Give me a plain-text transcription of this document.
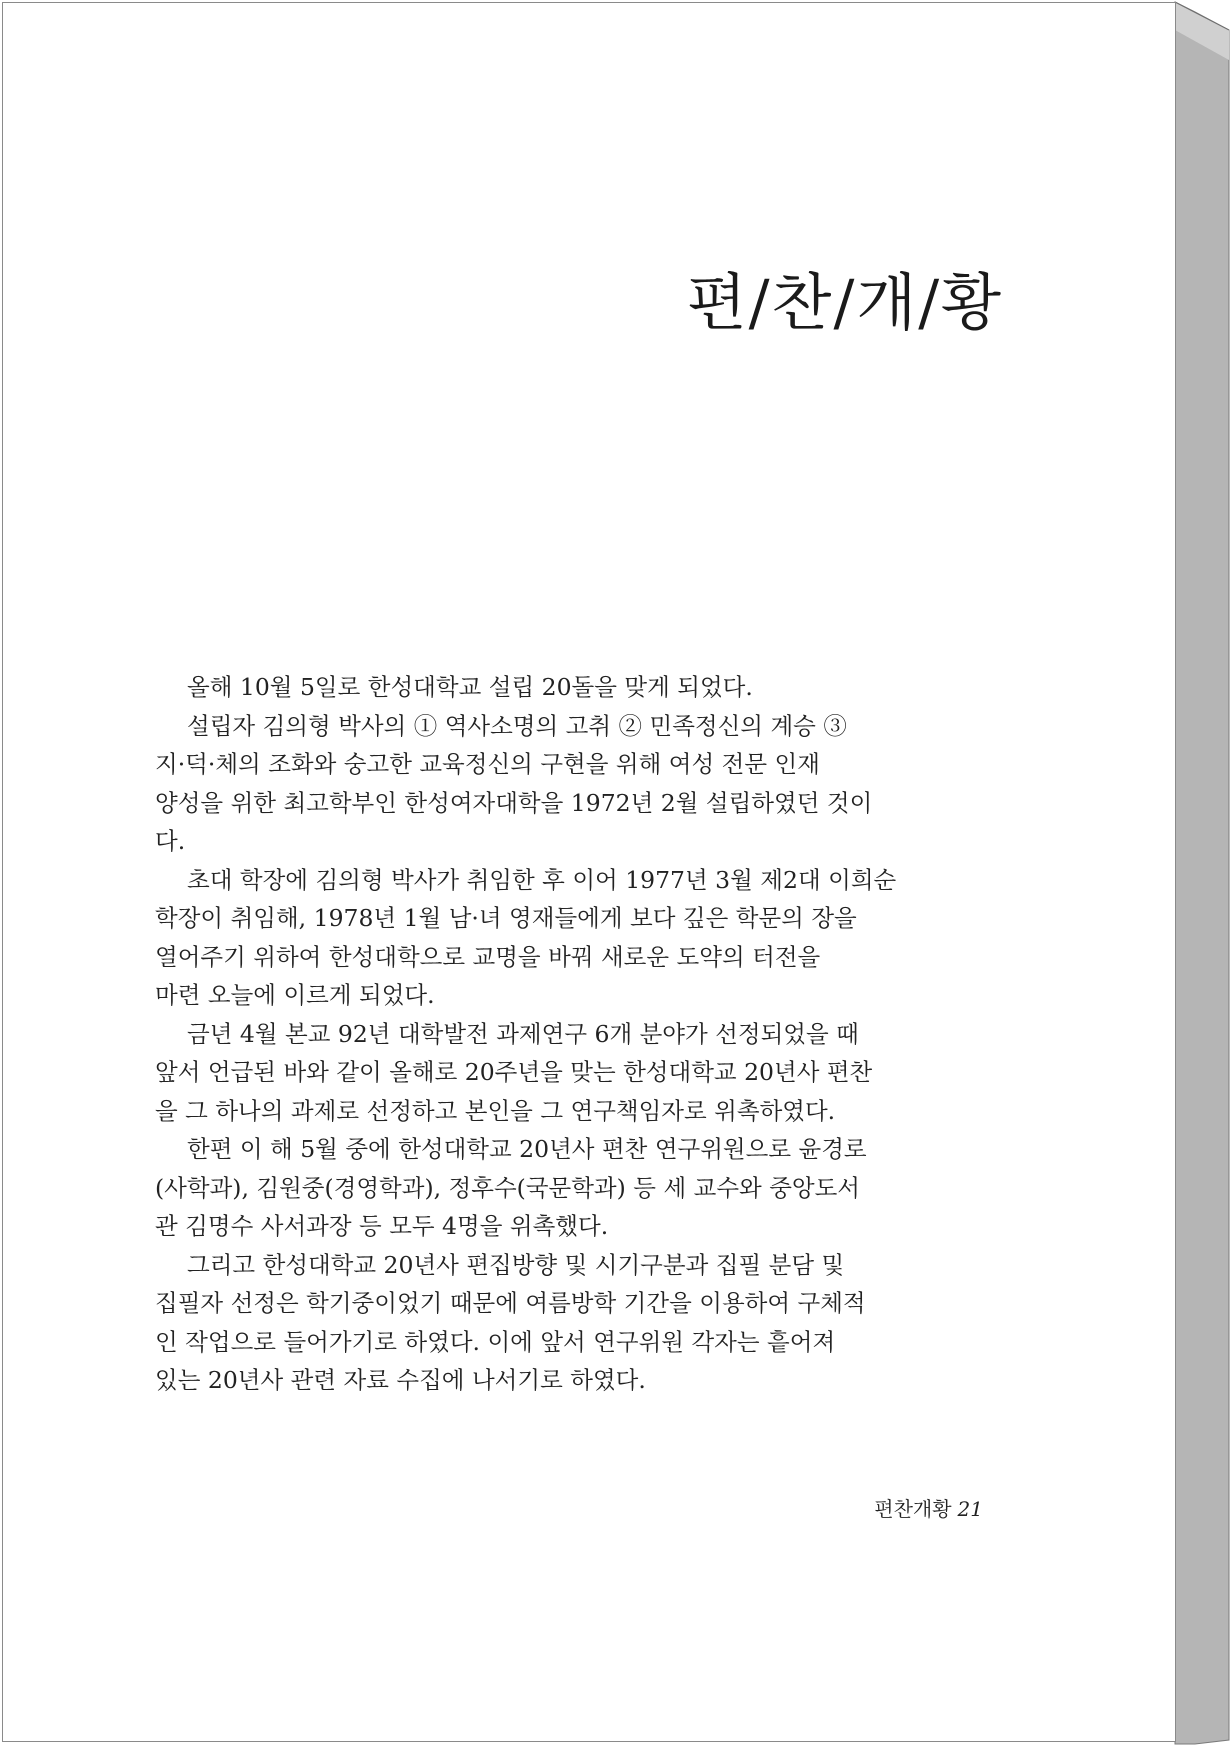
편/찬/개/황

올해 10월 5일로 한성대학교 설립 20돌을 맞게 되었다.

설립자 김의형 박사의 ① 역사소명의 고취 ② 민족정신의 계승 ③
지·덕·체의 조화와 숭고한 교육정신의 구현을 위해 여성 전문 인재
양성을 위한 최고학부인 한성여자대학을 1972년 2월 설립하였던 것이
다.

초대 학장에 김의형 박사가 취임한 후 이어 1977년 3월 제2대 이희순
학장이 취임해, 1978년 1월 남·녀 영재들에게 보다 깊은 학문의 장을
열어주기 위하여 한성대학으로 교명을 바꿔 새로운 도약의 터전을
마련 오늘에 이르게 되었다.

금년 4월 본교 92년 대학발전 과제연구 6개 분야가 선정되었을 때
앞서 언급된 바와 같이 올해로 20주년을 맞는 한성대학교 20년사 편찬
을 그 하나의 과제로 선정하고 본인을 그 연구책임자로 위촉하였다.

한편 이 해 5월 중에 한성대학교 20년사 편찬 연구위원으로 윤경로
(사학과), 김원중(경영학과), 정후수(국문학과) 등 세 교수와 중앙도서
관 김명수 사서과장 등 모두 4명을 위촉했다.

그리고 한성대학교 20년사 편집방향 및 시기구분과 집필 분담 및
집필자 선정은 학기중이었기 때문에 여름방학 기간을 이용하여 구체적
인 작업으로 들어가기로 하였다. 이에 앞서 연구위원 각자는 흩어져
있는 20년사 관련 자료 수집에 나서기로 하였다.

편찬개황 21
